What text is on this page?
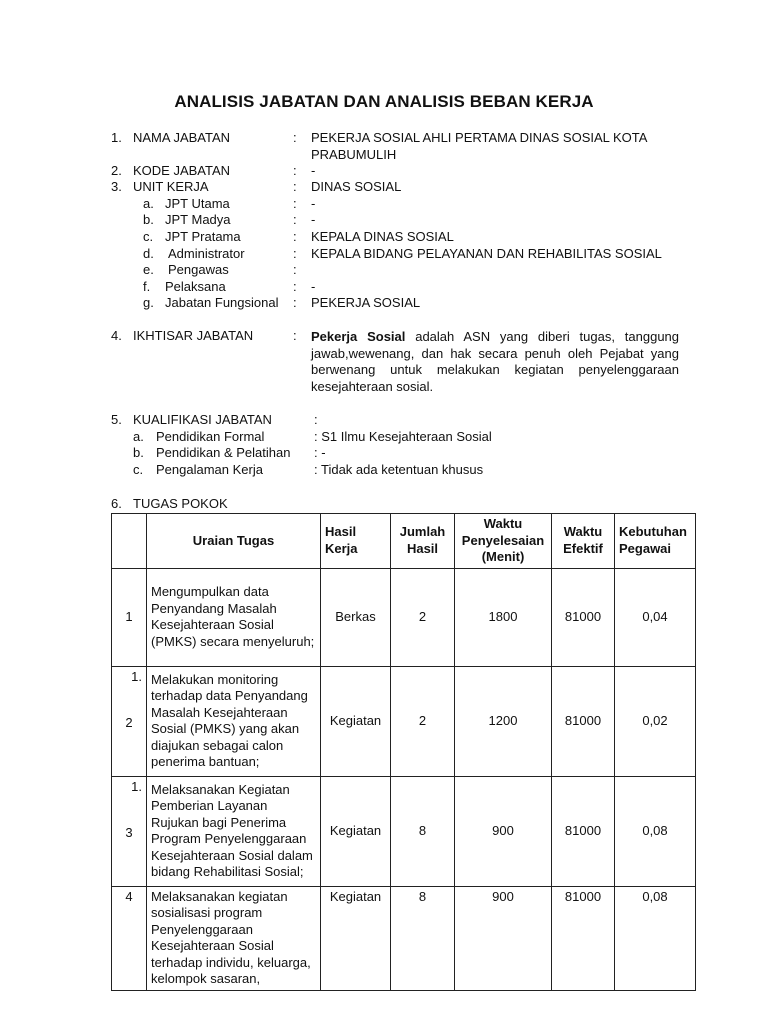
ANALISIS JABATAN DAN ANALISIS BEBAN KERJA
1. NAMA JABATAN	: PEKERJA SOSIAL AHLI PERTAMA DINAS SOSIAL KOTA
PRABUMULIH
2. KODE JABATAN	: -
3. UNIT KERJA	: DINAS SOSIAL
a. JPT Utama	: -
b. JPT Madya	: -
c. JPT Pratama	: KEPALA DINAS SOSIAL
d. Administrator	: KEPALA BIDANG PELAYANAN DAN REHABILITAS SOSIAL
e. Pengawas	:
f. Pelaksana	: -
g. Jabatan Fungsional : PEKERJA SOSIAL
4. IKHTISAR JABATAN	: Pekerja Sosial adalah ASN yang diberi tugas, tanggung jawab,wewenang, dan hak secara penuh oleh Pejabat yang berwenang untuk melakukan kegiatan penyelenggaraan kesejahteraan sosial.
5. KUALIFIKASI JABATAN	:
a. Pendidikan Formal	: S1 Ilmu Kesejahteraan Sosial
b. Pendidikan & Pelatihan : -
c. Pengalaman Kerja	: Tidak ada ketentuan khusus
6. TUGAS POKOK
	Uraian Tugas	Hasil Kerja	Jumlah Hasil	Waktu Penyelesaian (Menit)	Waktu Efektif	Kebutuhan Pegawai
1	Mengumpulkan data Penyandang Masalah Kesejahteraan Sosial (PMKS) secara menyeluruh;	Berkas	2	1800	81000	0,04

1.
2	Melakukan monitoring terhadap data Penyandang Masalah Kesejahteraan Sosial (PMKS) yang akan diajukan sebagai calon penerima bantuan;	Kegiatan	2	1200	81000	0,02

1.
3	Melaksanakan Kegiatan Pemberian Layanan Rujukan bagi Penerima Program Penyelenggaraan Kesejahteraan Sosial dalam bidang Rehabilitasi Sosial;	Kegiatan	8	900	81000	0,08
4	Melaksanakan kegiatan sosialisasi program Penyelenggaraan Kesejahteraan Sosial terhadap individu, keluarga, kelompok sasaran,	Kegiatan	8	900	81000	0,08
